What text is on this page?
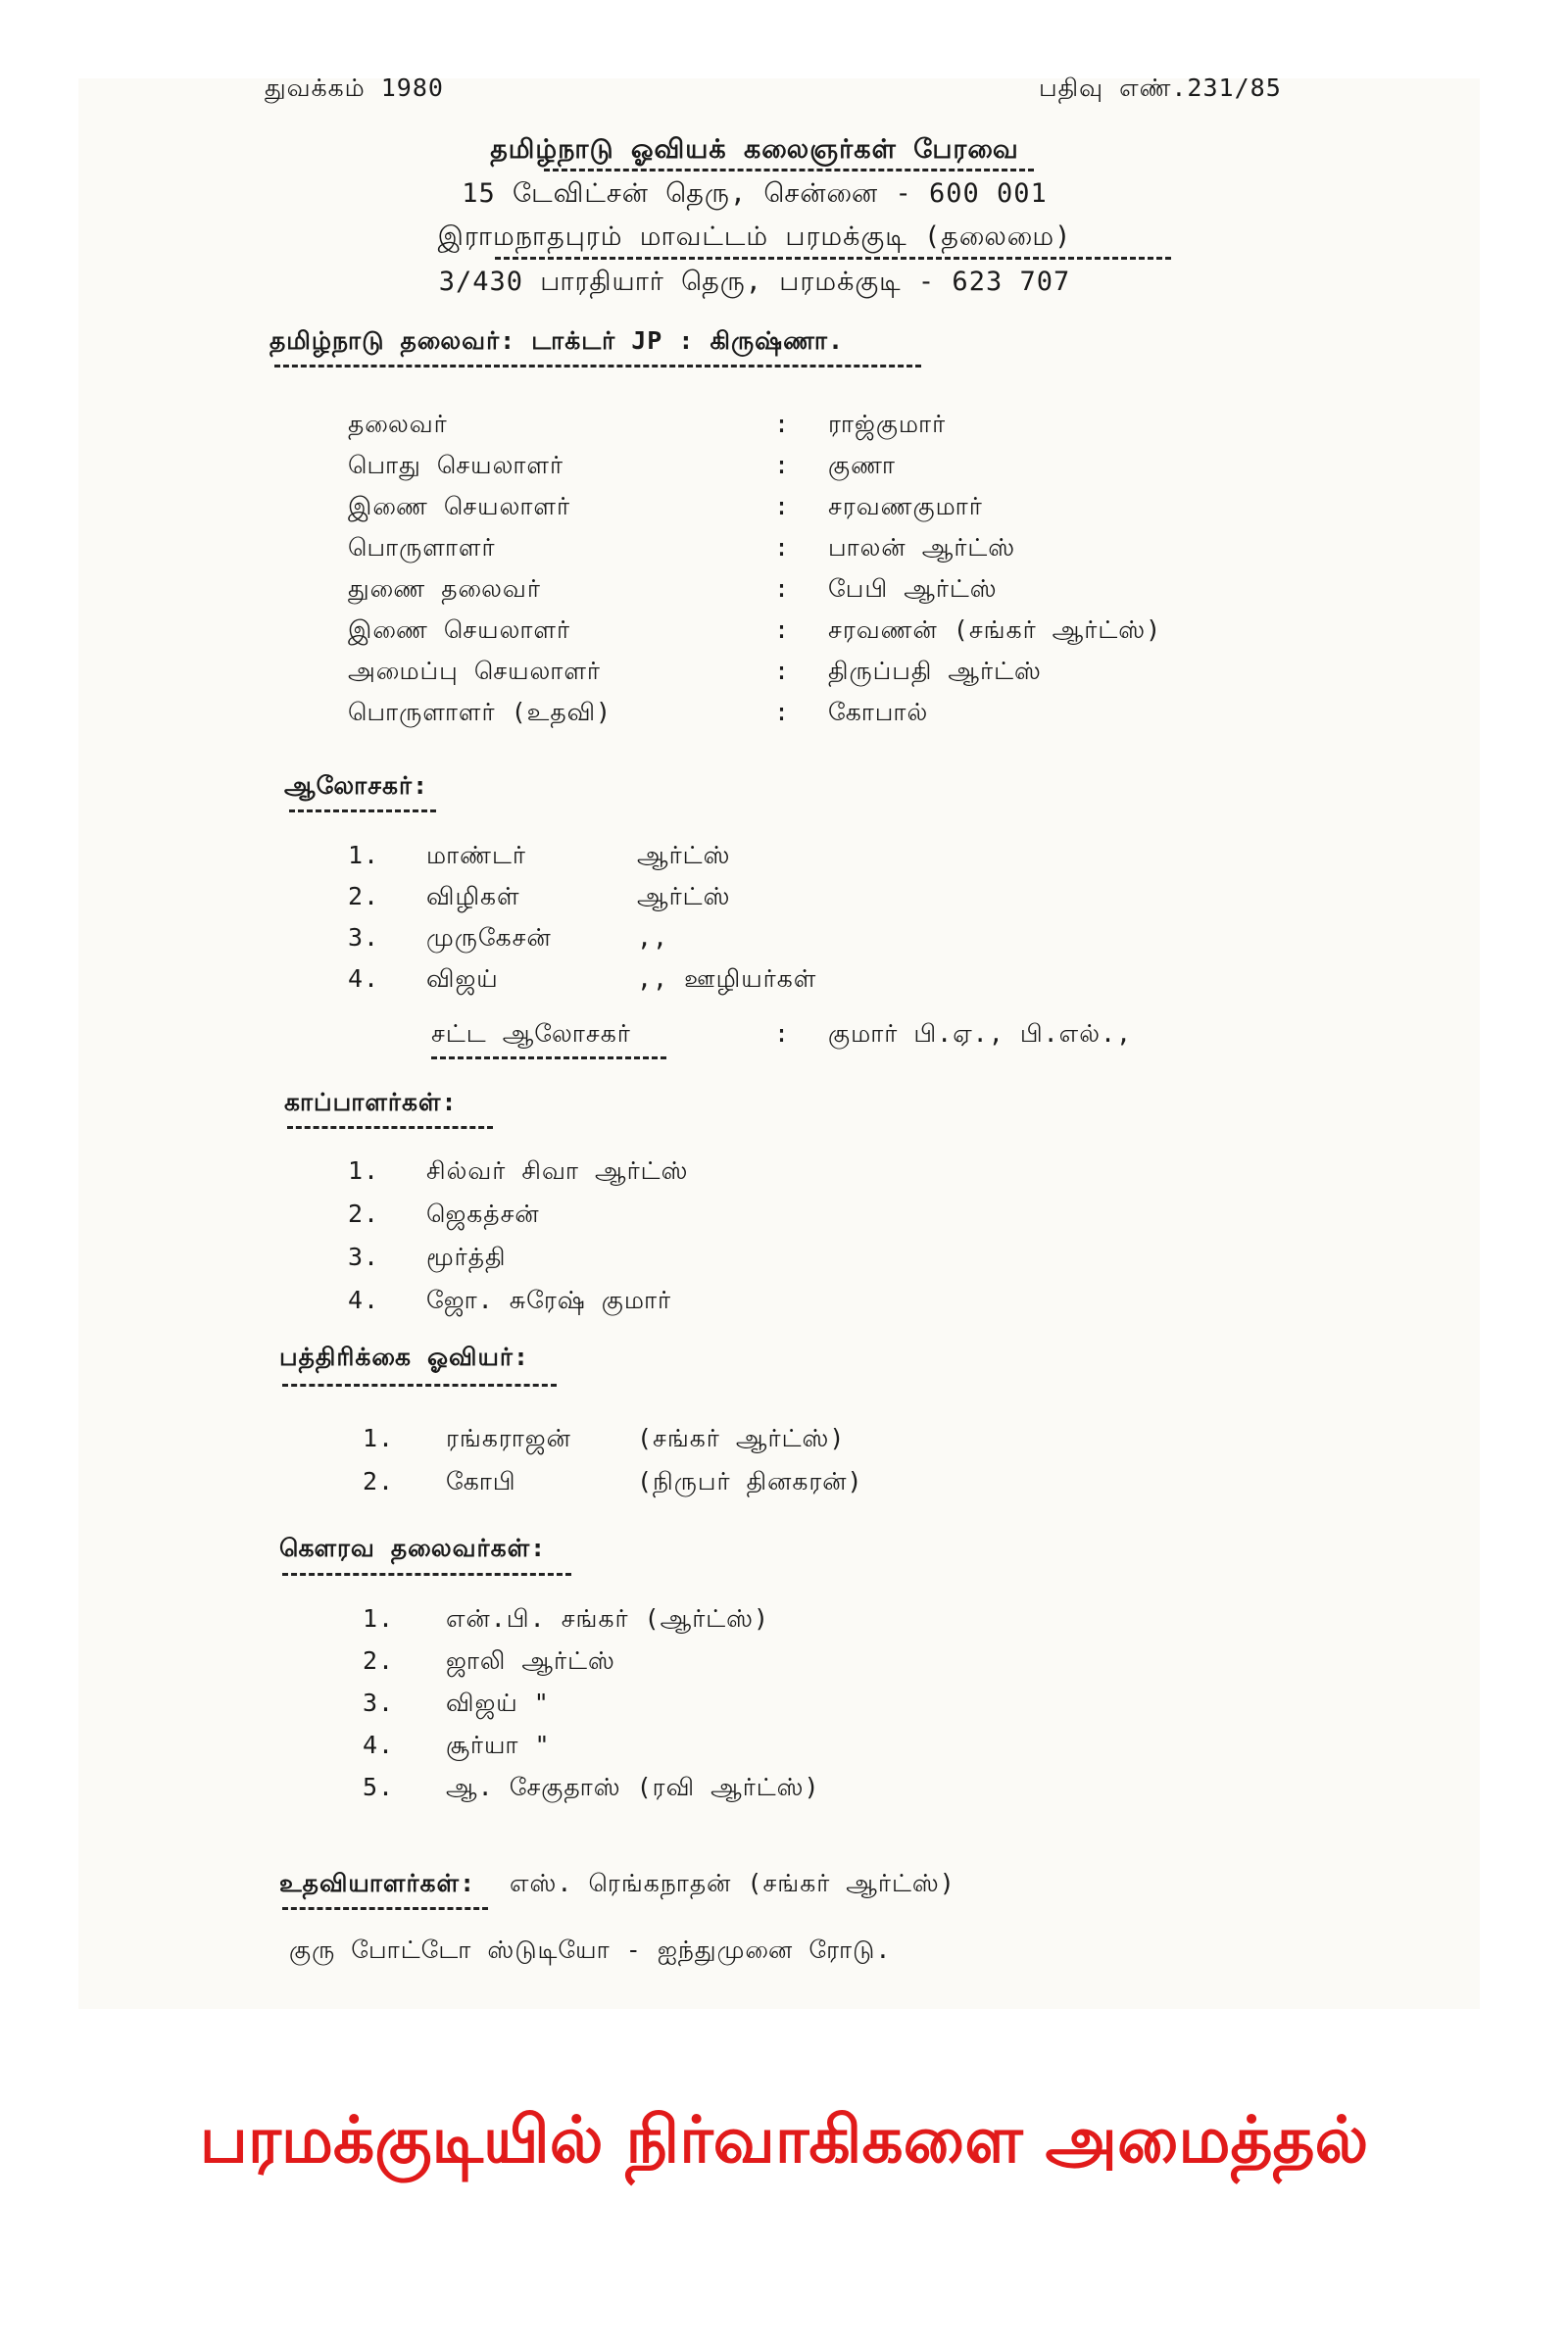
துவக்கம் 1980	பதிவு எண்.231/85
தமிழ்நாடு ஓவியக் கலைஞர்கள் பேரவை
15 டேவிட்சன் தெரு, சென்னை - 600 001
இராமநாதபுரம் மாவட்டம் பரமக்குடி (தலைமை)
3/430 பாரதியார் தெரு, பரமக்குடி - 623 707
தமிழ்நாடு தலைவர்: டாக்டர் JP : கிருஷ்ணா.
தலைவர்	: ராஜ்குமார்
பொது செயலாளர்	: குணா
இணை செயலாளர்	: சரவணகுமார்
பொருளாளர்	: பாலன் ஆர்ட்ஸ்
துணை தலைவர்	: பேபி ஆர்ட்ஸ்
இணை செயலாளர்	: சரவணன் (சங்கர் ஆர்ட்ஸ்)
அமைப்பு செயலாளர்	: திருப்பதி ஆர்ட்ஸ்
பொருளாளர் (உதவி)	: கோபால்
ஆலோசகர்:
1. மாண்டர்	ஆர்ட்ஸ்
2. விழிகள்	ஆர்ட்ஸ்
3. முருகேசன்	,,
4. விஜய்	,, ஊழியர்கள்
சட்ட ஆலோசகர்	: குமார் பி.ஏ., பி.எல்.,
காப்பாளர்கள்:
1. சில்வர் சிவா ஆர்ட்ஸ்
2. ஜெகத்சன்
3. மூர்த்தி
4. ஜோ. சுரேஷ் குமார்
பத்திரிக்கை ஓவியர்:
1. ரங்கராஜன்	(சங்கர் ஆர்ட்ஸ்)
2. கோபி	(நிருபர் தினகரன்)
கௌரவ தலைவர்கள்:
1. என்.பி. சங்கர் (ஆர்ட்ஸ்)
2. ஜாலி ஆர்ட்ஸ்
3. விஜய் "
4. சூர்யா "
5. ஆ. சேகுதாஸ் (ரவி ஆர்ட்ஸ்)
உதவியாளர்கள்: எஸ். ரெங்கநாதன் (சங்கர் ஆர்ட்ஸ்)
குரு போட்டோ ஸ்டுடியோ - ஐந்துமுனை ரோடு.
பரமக்குடியில் நிர்வாகிகளை அமைத்தல்
